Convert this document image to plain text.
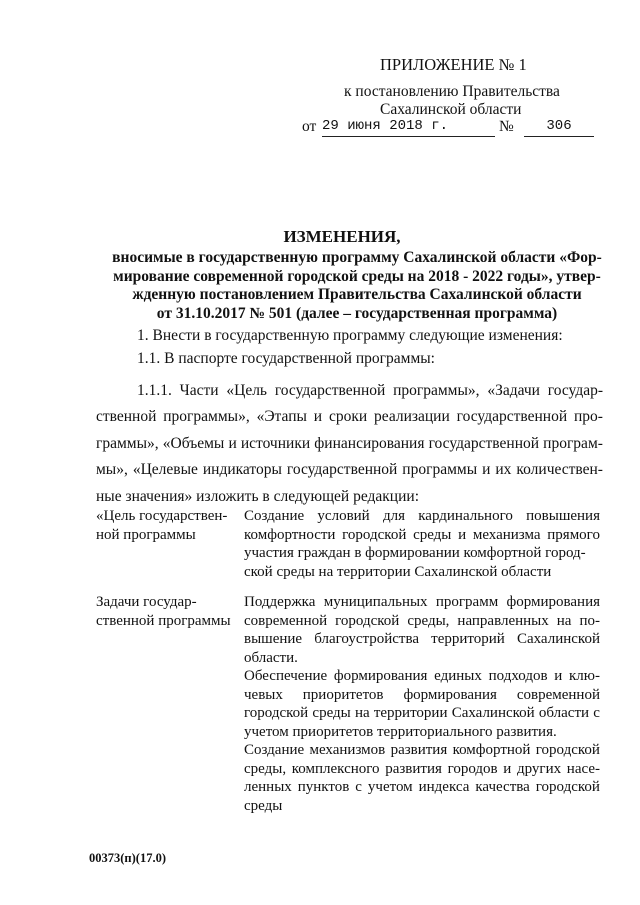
ПРИЛОЖЕНИЕ № 1
к постановлению Правительства
Сахалинской области
от 29 июня 2018 г.	№	306
ИЗМЕНЕНИЯ,
вносимые в государственную программу Сахалинской области «Фор-
мирование современной городской среды на 2018 - 2022 годы», утвер-
жденную постановлением Правительства Сахалинской области
от 31.10.2017 № 501 (далее – государственная программа)
1. Внести в государственную программу следующие изменения:
1.1. В паспорте государственной программы:
1.1.1. Части «Цель государственной программы», «Задачи государ-
ственной программы», «Этапы и сроки реализации государственной про-
граммы», «Объемы и источники финансирования государственной програм-
мы», «Целевые индикаторы государственной программы и их количествен-
ные значения» изложить в следующей редакции:
«Цель государствен-
ной программы
Создание условий для кардинального повышения
комфортности городской среды и механизма прямого
участия граждан в формировании комфортной город-
ской среды на территории Сахалинской области
Задачи государ-
ственной программы
Поддержка муниципальных программ формирования
современной городской среды, направленных на по-
вышение благоустройства территорий Сахалинской
области.
Обеспечение формирования единых подходов и клю-
чевых приоритетов формирования современной
городской среды на территории Сахалинской области с
учетом приоритетов территориального развития.
Создание механизмов развития комфортной городской
среды, комплексного развития городов и других насе-
ленных пунктов с учетом индекса качества городской
среды
00373(п)(17.0)
